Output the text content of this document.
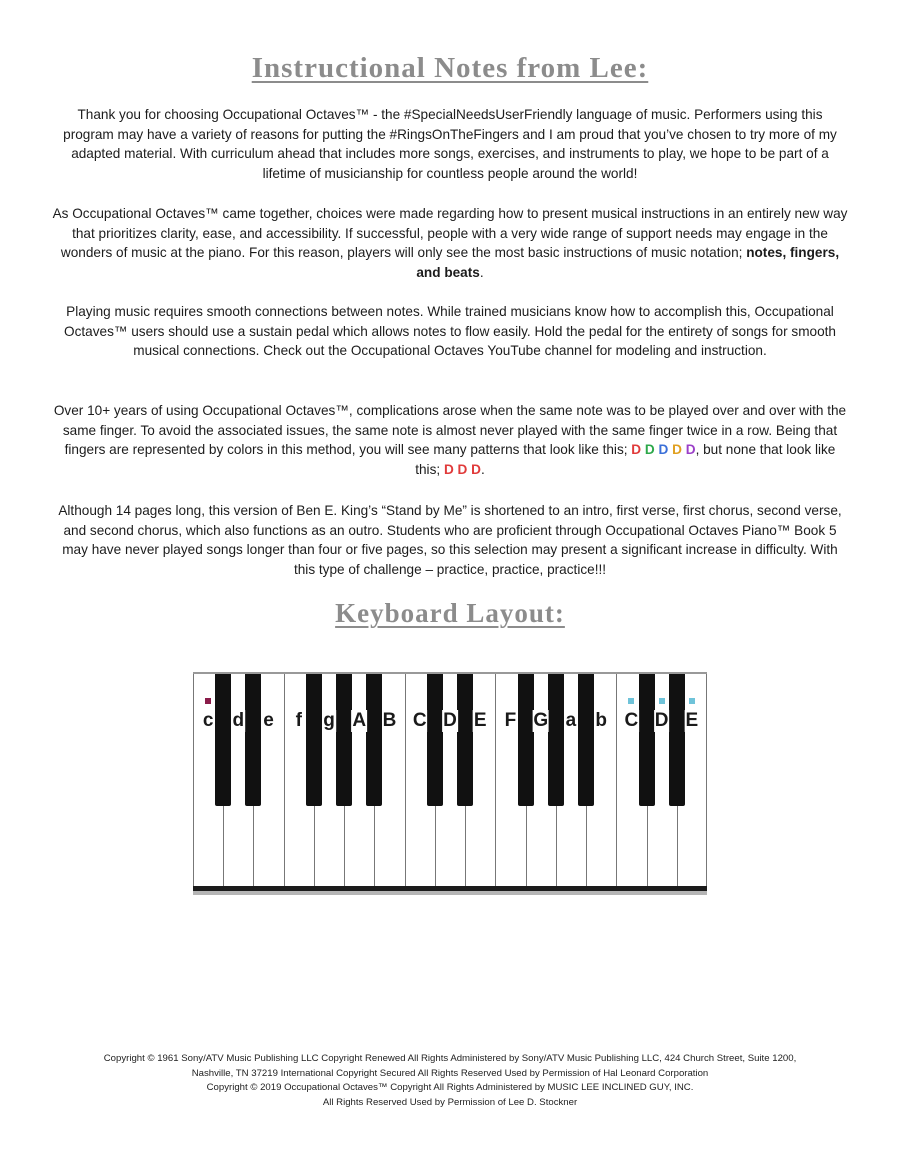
Instructional Notes from Lee:

Thank you for choosing Occupational Octaves™ - the #SpecialNeedsUserFriendly language of music. Performers using this program may have a variety of reasons for putting the #RingsOnTheFingers and I am proud that you’ve chosen to try more of my adapted material. With curriculum ahead that includes more songs, exercises, and instruments to play, we hope to be part of a lifetime of musicianship for countless people around the world!

As Occupational Octaves™ came together, choices were made regarding how to present musical instructions in an entirely new way that prioritizes clarity, ease, and accessibility. If successful, people with a very wide range of support needs may engage in the wonders of music at the piano. For this reason, players will only see the most basic instructions of music notation; notes, fingers, and beats.

Playing music requires smooth connections between notes. While trained musicians know how to accomplish this, Occupational Octaves™ users should use a sustain pedal which allows notes to flow easily. Hold the pedal for the entirety of songs for smooth musical connections. Check out the Occupational Octaves YouTube channel for modeling and instruction.

Over 10+ years of using Occupational Octaves™, complications arose when the same note was to be played over and over with the same finger. To avoid the associated issues, the same note is almost never played with the same finger twice in a row. Being that fingers are represented by colors in this method, you will see many patterns that look like this; D D D D D, but none that look like this; D D D.

Although 14 pages long, this version of Ben E. King’s “Stand by Me” is shortened to an intro, first verse, first chorus, second verse, and second chorus, which also functions as an outro. Students who are proficient through Occupational Octaves Piano™ Book 5 may have never played songs longer than four or five pages, so this selection may present a significant increase in difficulty. With this type of challenge – practice, practice, practice!!!

Keyboard Layout:
c d e f g A B C D E F G a b C D E
Copyright © 1961 Sony/ATV Music Publishing LLC Copyright Renewed All Rights Administered by Sony/ATV Music Publishing LLC, 424 Church Street, Suite 1200,
Nashville, TN 37219 International Copyright Secured All Rights Reserved Used by Permission of Hal Leonard Corporation
Copyright © 2019 Occupational Octaves™ Copyright All Rights Administered by MUSIC LEE INCLINED GUY, INC.
All Rights Reserved Used by Permission of Lee D. Stockner
